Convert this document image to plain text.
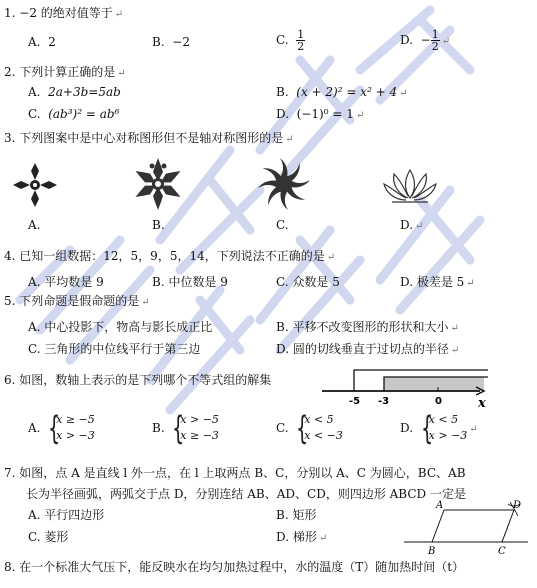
1. −2 的绝对值等于 ↵
A. 2	B. −2	C. $\frac{1}{2}$	D. − $\frac{1}{2}$ ↵
2. 下列计算正确的是 ↵
A. 2a+3b=5ab	B. (x + 2)² = x² + 4 ↵
C. (ab³)² = ab⁶	D. (−1)⁰ = 1 ↵
3. 下列图案中是中心对称图形但不是轴对称图形的是 ↵
A.	B.	C.	D. ↵
4. 已知一组数据：12，5，9，5，14，下列说法不正确的是 ↵
A. 平均数是 9	B. 中位数是 9	C. 众数是 5	D. 极差是 5 ↵
5. 下列命题是假命题的是 ↵
A. 中心投影下，物高与影长成正比	B. 平移不改变图形的形状和大小 ↵
C. 三角形的中位线平行于第三边	D. 圆的切线垂直于过切点的半径 ↵
6. 如图，数轴上表示的是下列哪个不等式组的解集
-5 -3	0	x
A. {
x ≥ −5
x > −3
B. {
x > −5
x ≥ −3
C. {
x < 5
x < −3
D. {
x < 5
x > −3 ↵
7. 如图，点 A 是直线 l 外一点，在 l 上取两点 B、C，分别以 A、C 为圆心，BC、AB
长为半径画弧，两弧交于点 D，分别连结 AB、AD、CD，则四边形 ABCD 一定是
A. 平行四边形	B. 矩形
C. 菱形	D. 梯形 ↵
A	D
B	C
8. 在一个标准大气压下，能反映水在均匀加热过程中，水的温度（T）随加热时间（t）
